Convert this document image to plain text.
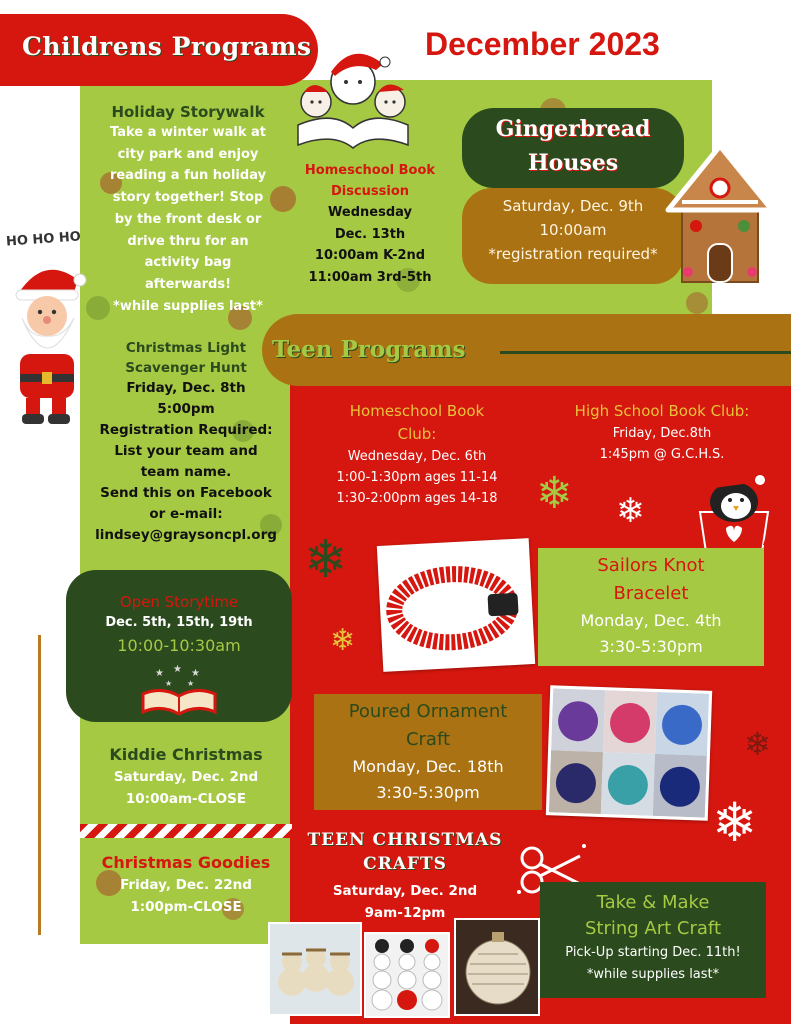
Childrens Programs	December 2023
Holiday Storywalk
Take a winter walk at
city park and enjoy
reading a fun holiday
story together! Stop
by the front desk or
drive thru for an
activity bag
afterwards!
*while supplies last*
HO HO HO
Homeschool Book
Discussion
Wednesday
Dec. 13th
10:00am K-2nd
11:00am 3rd-5th
Gingerbread
Houses
Saturday, Dec. 9th
10:00am
*registration required*
Teen Programs
Christmas Light
Scavenger Hunt
Friday, Dec. 8th
5:00pm
Registration Required:
List your team and
team name.
Send this on Facebook
or e-mail:
lindsey@graysoncpl.org
Open Storytime
Dec. 5th, 15th, 19th
10:00-10:30am
★ ★ ★
★ ★
Kiddie Christmas
Saturday, Dec. 2nd
10:00am-CLOSE
Christmas Goodies
Friday, Dec. 22nd
1:00pm-CLOSE
Homeschool Book
Club:
Wednesday, Dec. 6th
1:00-1:30pm ages 11-14
1:30-2:00pm ages 14-18
High School Book Club:
Friday, Dec.8th
1:45pm @ G.C.H.S.
❄ ❄
❄
❄
❄
❄
Sailors Knot
Bracelet
Monday, Dec. 4th
3:30-5:30pm
Poured Ornament
Craft
Monday, Dec. 18th
3:30-5:30pm
TEEN CHRISTMAS
CRAFTS
Saturday, Dec. 2nd
9am-12pm	Take & Make
String Art Craft
Pick-Up starting Dec. 11th!
*while supplies last*
